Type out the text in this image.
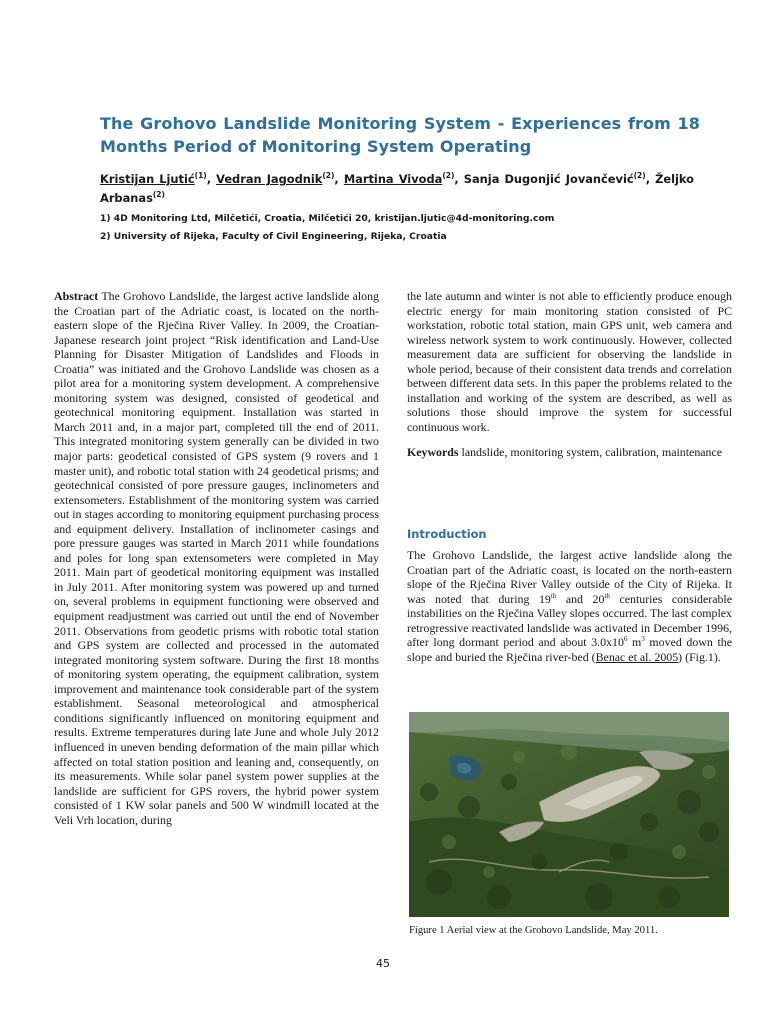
The Grohovo Landslide Monitoring System - Experiences from 18 Months Period of Monitoring System Operating
Kristijan Ljutić$^{(1)}$, Vedran Jagodnik$^{(2)}$, Martina Vivoda$^{(2)}$, Sanja Dugonjić Jovančević$^{(2)}$, Željko Arbanas$^{(2)}$
1) 4D Monitoring Ltd, Milčetići, Croatia, Milčetići 20, kristijan.ljutic@4d-monitoring.com
2) University of Rijeka, Faculty of Civil Engineering, Rijeka, Croatia

Abstract The Grohovo Landslide, the largest active landslide along the Croatian part of the Adriatic coast, is located on the north-eastern slope of the Rječina River Valley. In 2009, the Croatian-Japanese research joint project “Risk identification and Land-Use Planning for Disaster Mitigation of Landslides and Floods in Croatia” was initiated and the Grohovo Landslide was chosen as a pilot area for a monitoring system development. A comprehensive monitoring system was designed, consisted of geodetical and geotechnical monitoring equipment. Installation was started in March 2011 and, in a major part, completed till the end of 2011. This integrated monitoring system generally can be divided in two major parts: geodetical consisted of GPS system (9 rovers and 1 master unit), and robotic total station with 24 geodetical prisms; and geotechnical consisted of pore pressure gauges, inclinometers and extensometers. Establishment of the monitoring system was carried out in stages according to monitoring equipment purchasing process and equipment delivery. Installation of inclinometer casings and pore pressure gauges was started in March 2011 while foundations and poles for long span extensometers were completed in May 2011. Main part of geodetical monitoring equipment was installed in July 2011. After monitoring system was powered up and turned on, several problems in equipment functioning were observed and equipment readjustment was carried out until the end of November 2011. Observations from geodetic prisms with robotic total station and GPS system are collected and processed in the automated integrated monitoring system software. During the first 18 months of monitoring system operating, the equipment calibration, system improvement and maintenance took considerable part of the system establishment. Seasonal meteorological and atmospherical conditions significantly influenced on monitoring equipment and results. Extreme temperatures during late June and whole July 2012 influenced in uneven bending deformation of the main pillar which affected on total station position and leaning and, consequently, on its measurements. While solar panel system power supplies at the landslide are sufficient for GPS rovers, the hybrid power system consisted of 1 KW solar panels and 500 W windmill located at the Veli Vrh location, during

the late autumn and winter is not able to efficiently produce enough electric energy for main monitoring station consisted of PC workstation, robotic total station, main GPS unit, web camera and wireless network system to work continuously. However, collected measurement data are sufficient for observing the landslide in whole period, because of their consistent data trends and correlation between different data sets. In this paper the problems related to the installation and working of the system are described, as well as solutions those should improve the system for successful continuous work.

Keywords landslide, monitoring system, calibration, maintenance

Introduction
The Grohovo Landslide, the largest active landslide along the Croatian part of the Adriatic coast, is located on the north-eastern slope of the Rječina River Valley outside of the City of Rijeka. It was noted that during 19th and 20th centuries considerable instabilities on the Rječina Valley slopes occurred. The last complex retrogressive reactivated landslide was activated in December 1996, after long dormant period and about $3.0x10^6$ $m^3$ moved down the slope and buried the Rječina river-bed (Benac et al. 2005) (Fig.1).
Figure 1 Aerial view at the Grohovo Landslide, May 2011.
45
